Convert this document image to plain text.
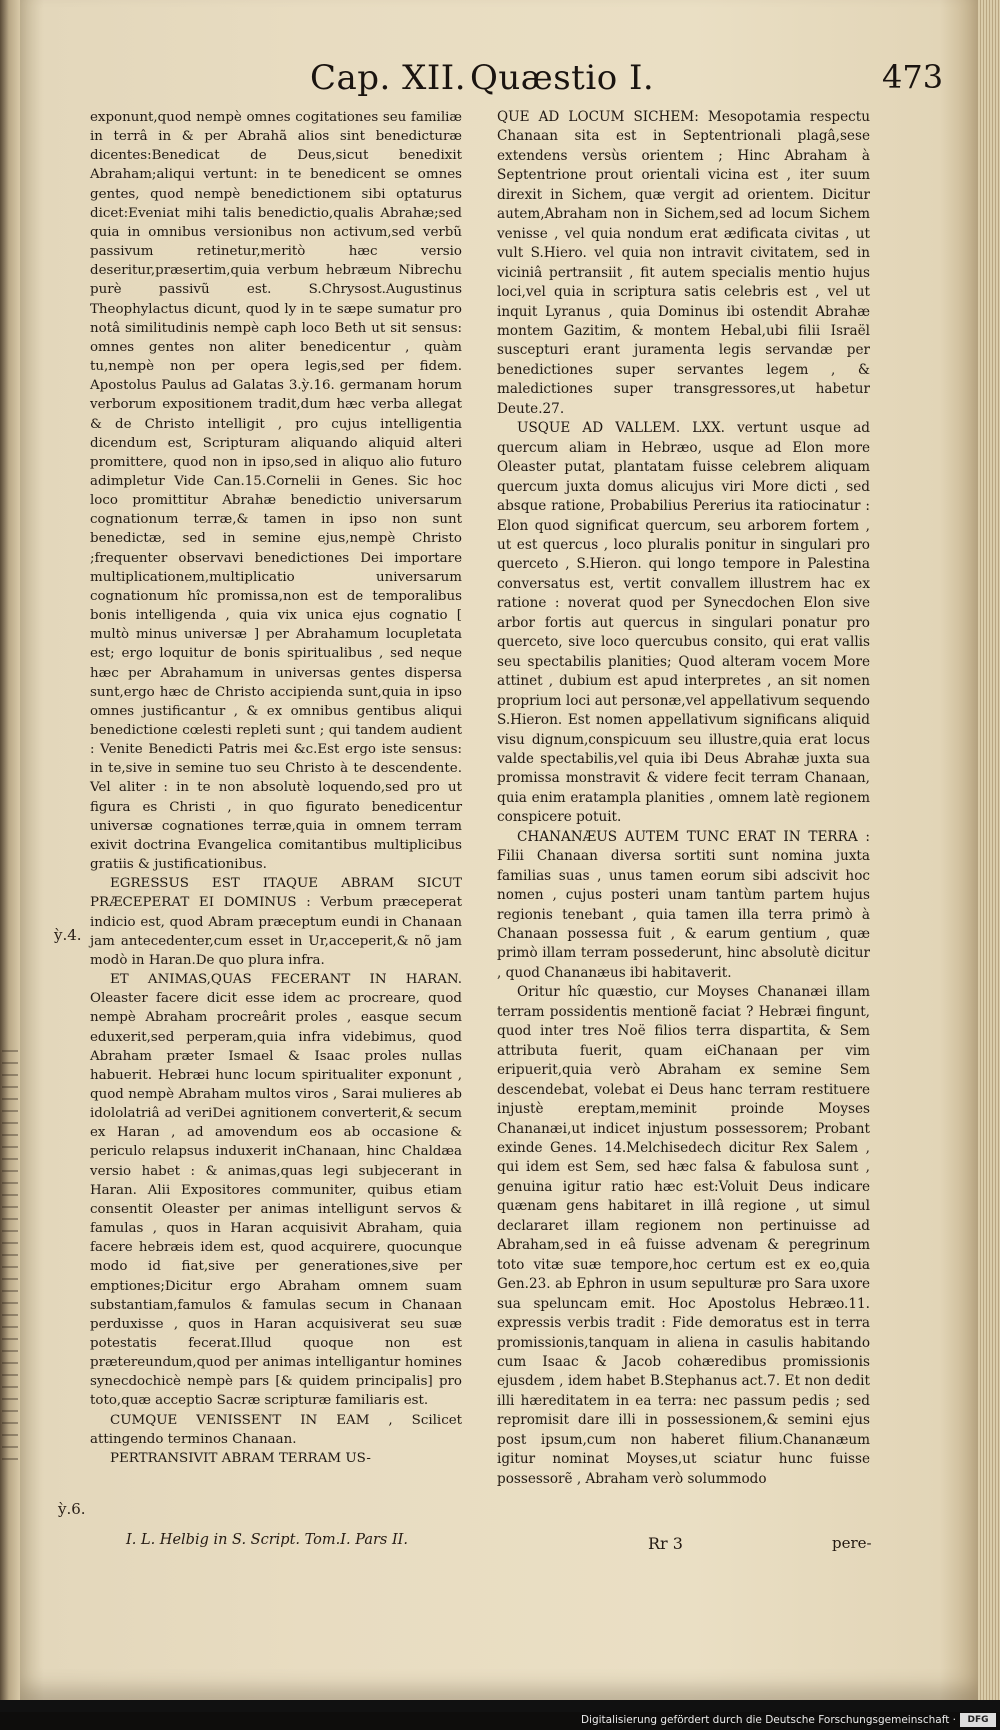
Cap. XII. Quæstio I.	473

exponunt,quod nempè omnes cogitationes seu familiæ in terrâ in & per Abrahã alios sint benedicturæ dicentes:Benedicat de Deus,sicut benedixit Abraham;aliqui vertunt: in te benedicent se omnes gentes, quod nempè benedictionem sibi optaturus dicet:Eveniat mihi talis benedictio,qualis Abrahæ;sed quia in omnibus versionibus non activum,sed verbũ passivum retinetur,meritò hæc versio deseritur,præsertim,quia verbum hebræum Nibrechu purè passivũ est. S.Chrysost.Augustinus Theophylactus dicunt, quod ly in te sæpe sumatur pro notâ similitudinis nempè caph loco Beth ut sit sensus: omnes gentes non aliter benedicentur , quàm tu,nempè non per opera legis,sed per fidem. Apostolus Paulus ad Galatas 3.ỳ.16. germanam horum verborum expositionem tradit,dum hæc verba allegat & de Christo intelligit , pro cujus intelligentia dicendum est, Scripturam aliquando aliquid alteri promittere, quod non in ipso,sed in aliquo alio futuro adimpletur Vide Can.15.Cornelii in Genes. Sic hoc loco promittitur Abrahæ benedictio universarum cognationum terræ,& tamen in ipso non sunt benedictæ, sed in semine ejus,nempè Christo ;frequenter observavi benedictiones Dei importare multiplicationem,multiplicatio universarum cognationum hîc promissa,non est de temporalibus bonis intelligenda , quia vix unica ejus cognatio [ multò minus universæ ] per Abrahamum locupletata est; ergo loquitur de bonis spiritualibus , sed neque hæc per Abrahamum in universas gentes dispersa sunt,ergo hæc de Christo accipienda sunt,quia in ipso omnes justificantur , & ex omnibus gentibus aliqui benedictione cœlesti repleti sunt ; qui tandem audient : Venite Benedicti Patris mei &c.Est ergo iste sensus: in te,sive in semine tuo seu Christo à te descendente. Vel aliter : in te non absolutè loquendo,sed pro ut figura es Christi , in quo figurato benedicentur universæ cognationes terræ,quia in omnem terram exivit doctrina Evangelica comitantibus multiplicibus gratiis & justificationibus.

EGRESSUS EST ITAQUE ABRAM SICUT PRÆCEPERAT EI DOMINUS : Verbum præceperat indicio est, quod Abram præceptum eundi in Chanaan jam antecedenter,cum esset in Ur,acceperit,& nõ jam modò in Haran.De quo plura infra.

ET ANIMAS,QUAS FECERANT IN HARAN. Oleaster facere dicit esse idem ac procreare, quod nempè Abraham procreârit proles , easque secum eduxerit,sed perperam,quia infra videbimus, quod Abraham præter Ismael & Isaac proles nullas habuerit. Hebræi hunc locum spiritualiter exponunt , quod nempè Abraham multos viros , Sarai mulieres ab idololatriâ ad veriDei agnitionem converterit,& secum ex Haran , ad amovendum eos ab occasione & periculo relapsus induxerit inChanaan, hinc Chaldæa versio habet : & animas,quas legi subjecerant in Haran. Alii Expositores communiter, quibus etiam consentit Oleaster per animas intelligunt servos & famulas , quos in Haran acquisivit Abraham, quia facere hebræis idem est, quod acquirere, quocunque modo id fiat,sive per generationes,sive per emptiones;Dicitur ergo Abraham omnem suam substantiam,famulos & famulas secum in Chanaan perduxisse , quos in Haran acquisiverat seu suæ potestatis fecerat.Illud quoque non est prætereundum,quod per animas intelligantur homines synecdochicè nempè pars [& quidem principalis] pro toto,quæ acceptio Sacræ scripturæ familiaris est.

CUMQUE VENISSENT IN EAM , Scilicet attingendo terminos Chanaan.

PERTRANSIVIT ABRAM TERRAM US-

QUE AD LOCUM SICHEM: Mesopotamia respectu Chanaan sita est in Septentrionali plagâ,sese extendens versùs orientem ; Hinc Abraham à Septentrione prout orientali vicina est , iter suum direxit in Sichem, quæ vergit ad orientem. Dicitur autem,Abraham non in Sichem,sed ad locum Sichem venisse , vel quia nondum erat ædificata civitas , ut vult S.Hiero. vel quia non intravit civitatem, sed in viciniâ pertransiit , fit autem specialis mentio hujus loci,vel quia in scriptura satis celebris est , vel ut inquit Lyranus , quia Dominus ibi ostendit Abrahæ montem Gazitim, & montem Hebal,ubi filii Israël suscepturi erant juramenta legis servandæ per benedictiones super servantes legem , & maledictiones super transgressores,ut habetur Deute.27.

USQUE AD VALLEM. LXX. vertunt usque ad quercum aliam in Hebræo, usque ad Elon more Oleaster putat, plantatam fuisse celebrem aliquam quercum juxta domus alicujus viri More dicti , sed absque ratione, Probabilius Pererius ita ratiocinatur : Elon quod significat quercum, seu arborem fortem , ut est quercus , loco pluralis ponitur in singulari pro querceto , S.Hieron. qui longo tempore in Palestina conversatus est, vertit convallem illustrem hac ex ratione : noverat quod per Synecdochen Elon sive arbor fortis aut quercus in singulari ponatur pro querceto, sive loco quercubus consito, qui erat vallis seu spectabilis planities; Quod alteram vocem More attinet , dubium est apud interpretes , an sit nomen proprium loci aut personæ,vel appellativum sequendo S.Hieron. Est nomen appellativum significans aliquid visu dignum,conspicuum seu illustre,quia erat locus valde spectabilis,vel quia ibi Deus Abrahæ juxta sua promissa monstravit & videre fecit terram Chanaan, quia enim eratampla planities , omnem latè regionem conspicere potuit.

CHANANÆUS AUTEM TUNC ERAT IN TERRA : Filii Chanaan diversa sortiti sunt nomina juxta familias suas , unus tamen eorum sibi adscivit hoc nomen , cujus posteri unam tantùm partem hujus regionis tenebant , quia tamen illa terra primò à Chanaan possessa fuit , & earum gentium , quæ primò illam terram possederunt, hinc absolutè dicitur , quod Chananæus ibi habitaverit.

Oritur hîc quæstio, cur Moyses Chananæi illam terram possidentis mentionẽ faciat ? Hebræi fingunt, quod inter tres Noë filios terra dispartita, & Sem attributa fuerit, quam eiChanaan per vim eripuerit,quia verò Abraham ex semine Sem descendebat, volebat ei Deus hanc terram restituere injustè ereptam,meminit proinde Moyses Chananæi,ut indicet injustum possessorem; Probant exinde Genes. 14.Melchisedech dicitur Rex Salem , qui idem est Sem, sed hæc falsa & fabulosa sunt , genuina igitur ratio hæc est:Voluit Deus indicare quænam gens habitaret in illâ regione , ut simul declararet illam regionem non pertinuisse ad Abraham,sed in eâ fuisse advenam & peregrinum toto vitæ suæ tempore,hoc certum est ex eo,quia Gen.23. ab Ephron in usum sepulturæ pro Sara uxore sua speluncam emit. Hoc Apostolus Hebræo.11. expressis verbis tradit : Fide demoratus est in terra promissionis,tanquam in aliena in casulis habitando cum Isaac & Jacob cohæredibus promissionis ejusdem , idem habet B.Stephanus act.7. Et non dedit illi hæreditatem in ea terra: nec passum pedis ; sed repromisit dare illi in possessionem,& semini ejus post ipsum,cum non haberet filium.Chananæum igitur nominat Moyses,ut sciatur hunc fuisse possessorẽ , Abraham verò solummodo

ỳ.4.
ỳ.6.
I. L. Helbig in S. Script. Tom.I. Pars II.	Rr 3	pere-
Digitalisierung gefördert durch die Deutsche Forschungsgemeinschaft ·	DFG
